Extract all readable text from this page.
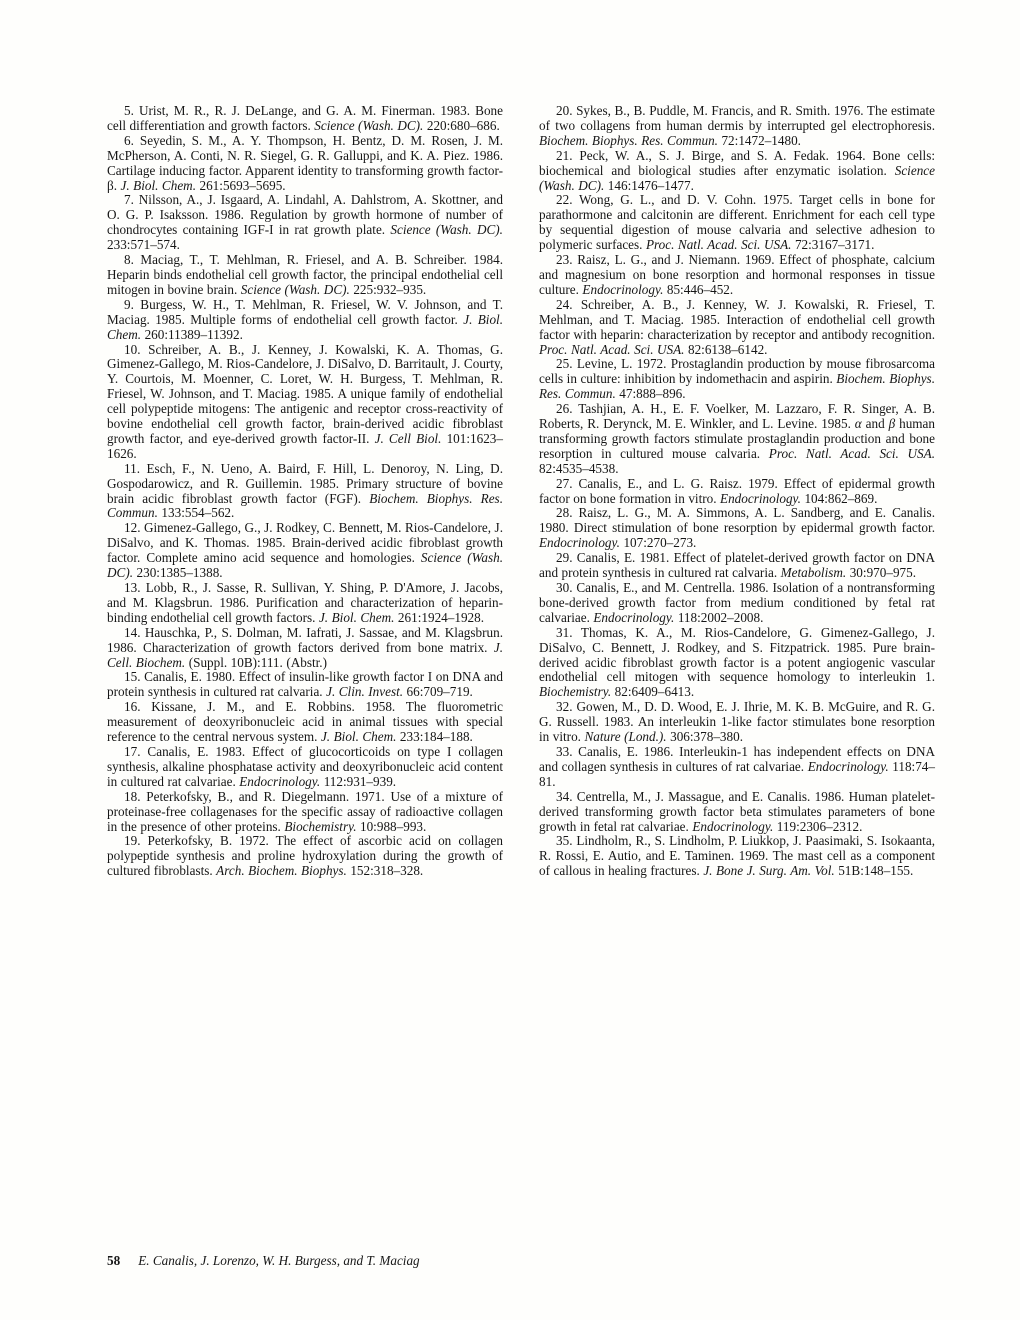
5. Urist, M. R., R. J. DeLange, and G. A. M. Finerman. 1983. Bone cell differentiation and growth factors. Science (Wash. DC). 220:680–686.

6. Seyedin, S. M., A. Y. Thompson, H. Bentz, D. M. Rosen, J. M. McPherson, A. Conti, N. R. Siegel, G. R. Galluppi, and K. A. Piez. 1986. Cartilage inducing factor. Apparent identity to transforming growth factor-β. J. Biol. Chem. 261:5693–5695.

7. Nilsson, A., J. Isgaard, A. Lindahl, A. Dahlstrom, A. Skottner, and O. G. P. Isaksson. 1986. Regulation by growth hormone of number of chondrocytes containing IGF-I in rat growth plate. Science (Wash. DC). 233:571–574.

8. Maciag, T., T. Mehlman, R. Friesel, and A. B. Schreiber. 1984. Heparin binds endothelial cell growth factor, the principal endothelial cell mitogen in bovine brain. Science (Wash. DC). 225:932–935.

9. Burgess, W. H., T. Mehlman, R. Friesel, W. V. Johnson, and T. Maciag. 1985. Multiple forms of endothelial cell growth factor. J. Biol. Chem. 260:11389–11392.

10. Schreiber, A. B., J. Kenney, J. Kowalski, K. A. Thomas, G. Gimenez-Gallego, M. Rios-Candelore, J. DiSalvo, D. Barritault, J. Courty, Y. Courtois, M. Moenner, C. Loret, W. H. Burgess, T. Mehlman, R. Friesel, W. Johnson, and T. Maciag. 1985. A unique family of endothelial cell polypeptide mitogens: The antigenic and receptor cross-reactivity of bovine endothelial cell growth factor, brain-derived acidic fibroblast growth factor, and eye-derived growth factor-II. J. Cell Biol. 101:1623–1626.

11. Esch, F., N. Ueno, A. Baird, F. Hill, L. Denoroy, N. Ling, D. Gospodarowicz, and R. Guillemin. 1985. Primary structure of bovine brain acidic fibroblast growth factor (FGF). Biochem. Biophys. Res. Commun. 133:554–562.

12. Gimenez-Gallego, G., J. Rodkey, C. Bennett, M. Rios-Candelore, J. DiSalvo, and K. Thomas. 1985. Brain-derived acidic fibroblast growth factor. Complete amino acid sequence and homologies. Science (Wash. DC). 230:1385–1388.

13. Lobb, R., J. Sasse, R. Sullivan, Y. Shing, P. D'Amore, J. Jacobs, and M. Klagsbrun. 1986. Purification and characterization of heparin-binding endothelial cell growth factors. J. Biol. Chem. 261:1924–1928.

14. Hauschka, P., S. Dolman, M. Iafrati, J. Sassae, and M. Klagsbrun. 1986. Characterization of growth factors derived from bone matrix. J. Cell. Biochem. (Suppl. 10B):111. (Abstr.)

15. Canalis, E. 1980. Effect of insulin-like growth factor I on DNA and protein synthesis in cultured rat calvaria. J. Clin. Invest. 66:709–719.

16. Kissane, J. M., and E. Robbins. 1958. The fluorometric measurement of deoxyribonucleic acid in animal tissues with special reference to the central nervous system. J. Biol. Chem. 233:184–188.

17. Canalis, E. 1983. Effect of glucocorticoids on type I collagen synthesis, alkaline phosphatase activity and deoxyribonucleic acid content in cultured rat calvariae. Endocrinology. 112:931–939.

18. Peterkofsky, B., and R. Diegelmann. 1971. Use of a mixture of proteinase-free collagenases for the specific assay of radioactive collagen in the presence of other proteins. Biochemistry. 10:988–993.

19. Peterkofsky, B. 1972. The effect of ascorbic acid on collagen polypeptide synthesis and proline hydroxylation during the growth of cultured fibroblasts. Arch. Biochem. Biophys. 152:318–328.

20. Sykes, B., B. Puddle, M. Francis, and R. Smith. 1976. The estimate of two collagens from human dermis by interrupted gel electrophoresis. Biochem. Biophys. Res. Commun. 72:1472–1480.

21. Peck, W. A., S. J. Birge, and S. A. Fedak. 1964. Bone cells: biochemical and biological studies after enzymatic isolation. Science (Wash. DC). 146:1476–1477.

22. Wong, G. L., and D. V. Cohn. 1975. Target cells in bone for parathormone and calcitonin are different. Enrichment for each cell type by sequential digestion of mouse calvaria and selective adhesion to polymeric surfaces. Proc. Natl. Acad. Sci. USA. 72:3167–3171.

23. Raisz, L. G., and J. Niemann. 1969. Effect of phosphate, calcium and magnesium on bone resorption and hormonal responses in tissue culture. Endocrinology. 85:446–452.

24. Schreiber, A. B., J. Kenney, W. J. Kowalski, R. Friesel, T. Mehlman, and T. Maciag. 1985. Interaction of endothelial cell growth factor with heparin: characterization by receptor and antibody recognition. Proc. Natl. Acad. Sci. USA. 82:6138–6142.

25. Levine, L. 1972. Prostaglandin production by mouse fibrosarcoma cells in culture: inhibition by indomethacin and aspirin. Biochem. Biophys. Res. Commun. 47:888–896.

26. Tashjian, A. H., E. F. Voelker, M. Lazzaro, F. R. Singer, A. B. Roberts, R. Derynck, M. E. Winkler, and L. Levine. 1985. α and β human transforming growth factors stimulate prostaglandin production and bone resorption in cultured mouse calvaria. Proc. Natl. Acad. Sci. USA. 82:4535–4538.

27. Canalis, E., and L. G. Raisz. 1979. Effect of epidermal growth factor on bone formation in vitro. Endocrinology. 104:862–869.

28. Raisz, L. G., M. A. Simmons, A. L. Sandberg, and E. Canalis. 1980. Direct stimulation of bone resorption by epidermal growth factor. Endocrinology. 107:270–273.

29. Canalis, E. 1981. Effect of platelet-derived growth factor on DNA and protein synthesis in cultured rat calvaria. Metabolism. 30:970–975.

30. Canalis, E., and M. Centrella. 1986. Isolation of a nontransforming bone-derived growth factor from medium conditioned by fetal rat calvariae. Endocrinology. 118:2002–2008.

31. Thomas, K. A., M. Rios-Candelore, G. Gimenez-Gallego, J. DiSalvo, C. Bennett, J. Rodkey, and S. Fitzpatrick. 1985. Pure brain-derived acidic fibroblast growth factor is a potent angiogenic vascular endothelial cell mitogen with sequence homology to interleukin 1. Biochemistry. 82:6409–6413.

32. Gowen, M., D. D. Wood, E. J. Ihrie, M. K. B. McGuire, and R. G. G. Russell. 1983. An interleukin 1-like factor stimulates bone resorption in vitro. Nature (Lond.). 306:378–380.

33. Canalis, E. 1986. Interleukin-1 has independent effects on DNA and collagen synthesis in cultures of rat calvariae. Endocrinology. 118:74–81.

34. Centrella, M., J. Massague, and E. Canalis. 1986. Human platelet-derived transforming growth factor beta stimulates parameters of bone growth in fetal rat calvariae. Endocrinology. 119:2306–2312.

35. Lindholm, R., S. Lindholm, P. Liukkop, J. Paasimaki, S. Isokaanta, R. Rossi, E. Autio, and E. Taminen. 1969. The mast cell as a component of callous in healing fractures. J. Bone J. Surg. Am. Vol. 51B:148–155.

58 E. Canalis, J. Lorenzo, W. H. Burgess, and T. Maciag
